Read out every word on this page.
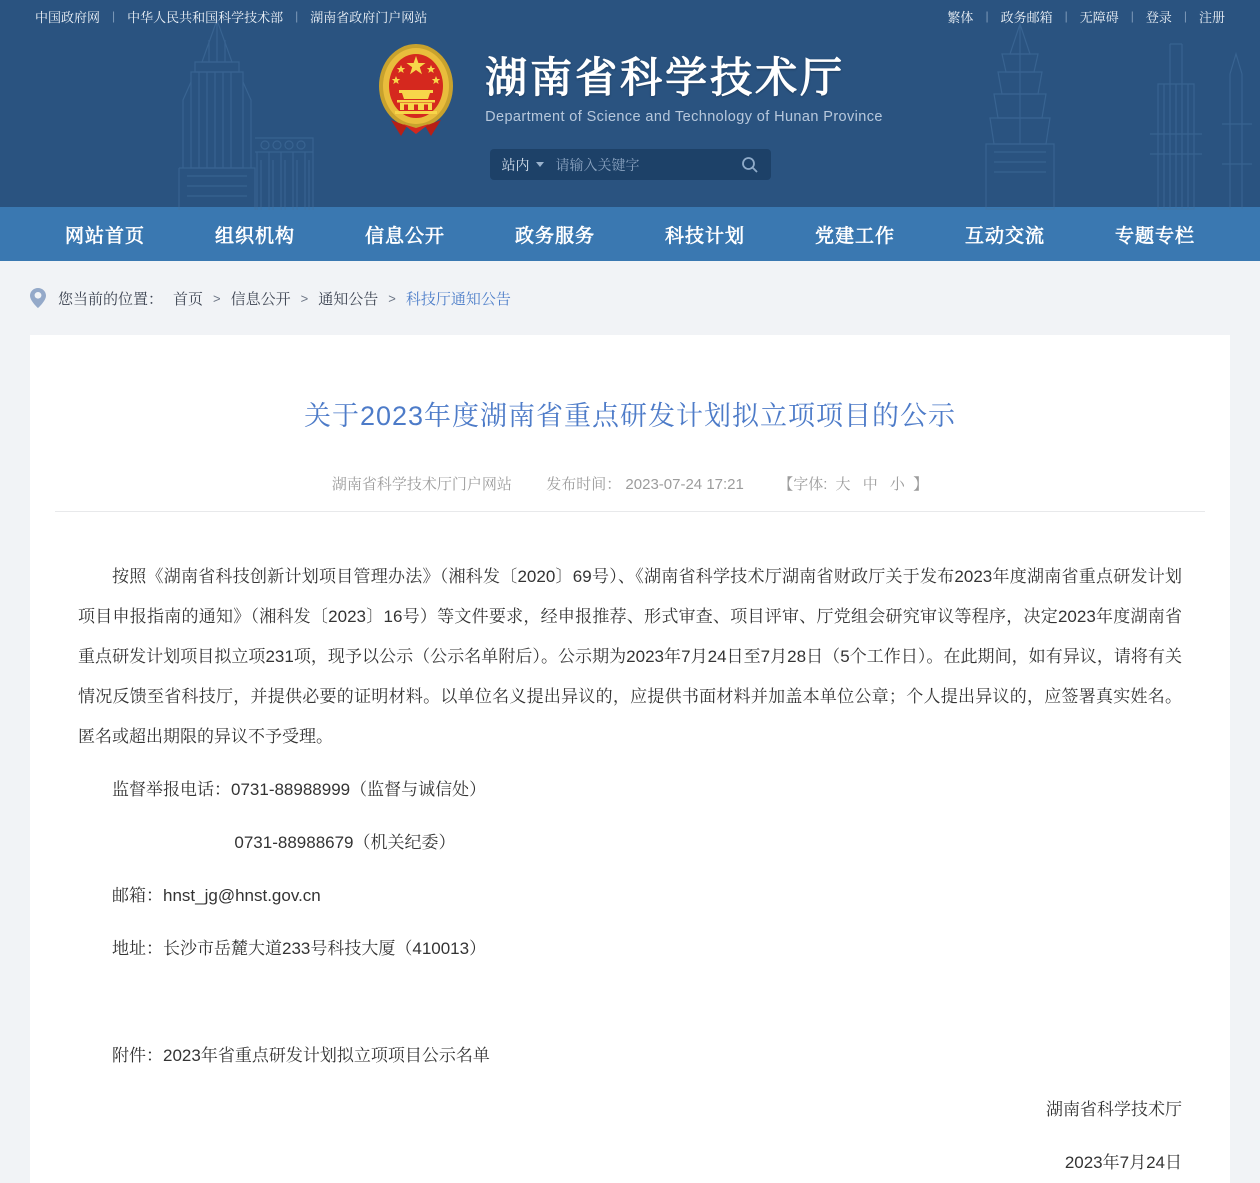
中国政府网 | 中华人民共和国科学技术部 | 湖南省政府门户网站	繁体 | 政务邮箱 | 无障碍 | 登录 | 注册
湖南省科学技术厅
Department of Science and Technology of Hunan Province
站内
请输入关键字
网站首页	组织机构	信息公开	政务服务	科技计划	党建工作	互动交流	专题专栏
您当前的位置： 首页 > 信息公开 > 通知公告 > 科技厅通知公告
关于2023年度湖南省重点研发计划拟立项项目的公示
湖南省科学技术厅门户网站 发布时间： 2023-07-24 17:21 【字体: 大 中 小 】

按照《湖南省科技创新计划项目管理办法》（湘科发〔2020〕69号）、《湖南省科学技术厅湖南省财政厅关于发布2023年度湖南省重点研发计划项目申报指南的通知》（湘科发〔2023〕16号）等文件要求，经申报推荐、形式审查、项目评审、厅党组会研究审议等程序，决定2023年度湖南省重点研发计划项目拟立项231项，现予以公示（公示名单附后）。公示期为2023年7月24日至7月28日（5个工作日）。在此期间，如有异议，请将有关情况反馈至省科技厅，并提供必要的证明材料。以单位名义提出异议的，应提供书面材料并加盖本单位公章；个人提出异议的，应签署真实姓名。匿名或超出期限的异议不予受理。

监督举报电话：0731-88988999（监督与诚信处）

0731-88988679（机关纪委）

邮箱：hnst_jg@hnst.gov.cn

地址：长沙市岳麓大道233号科技大厦（410013）

附件：2023年省重点研发计划拟立项项目公示名单

湖南省科学技术厅

2023年7月24日
